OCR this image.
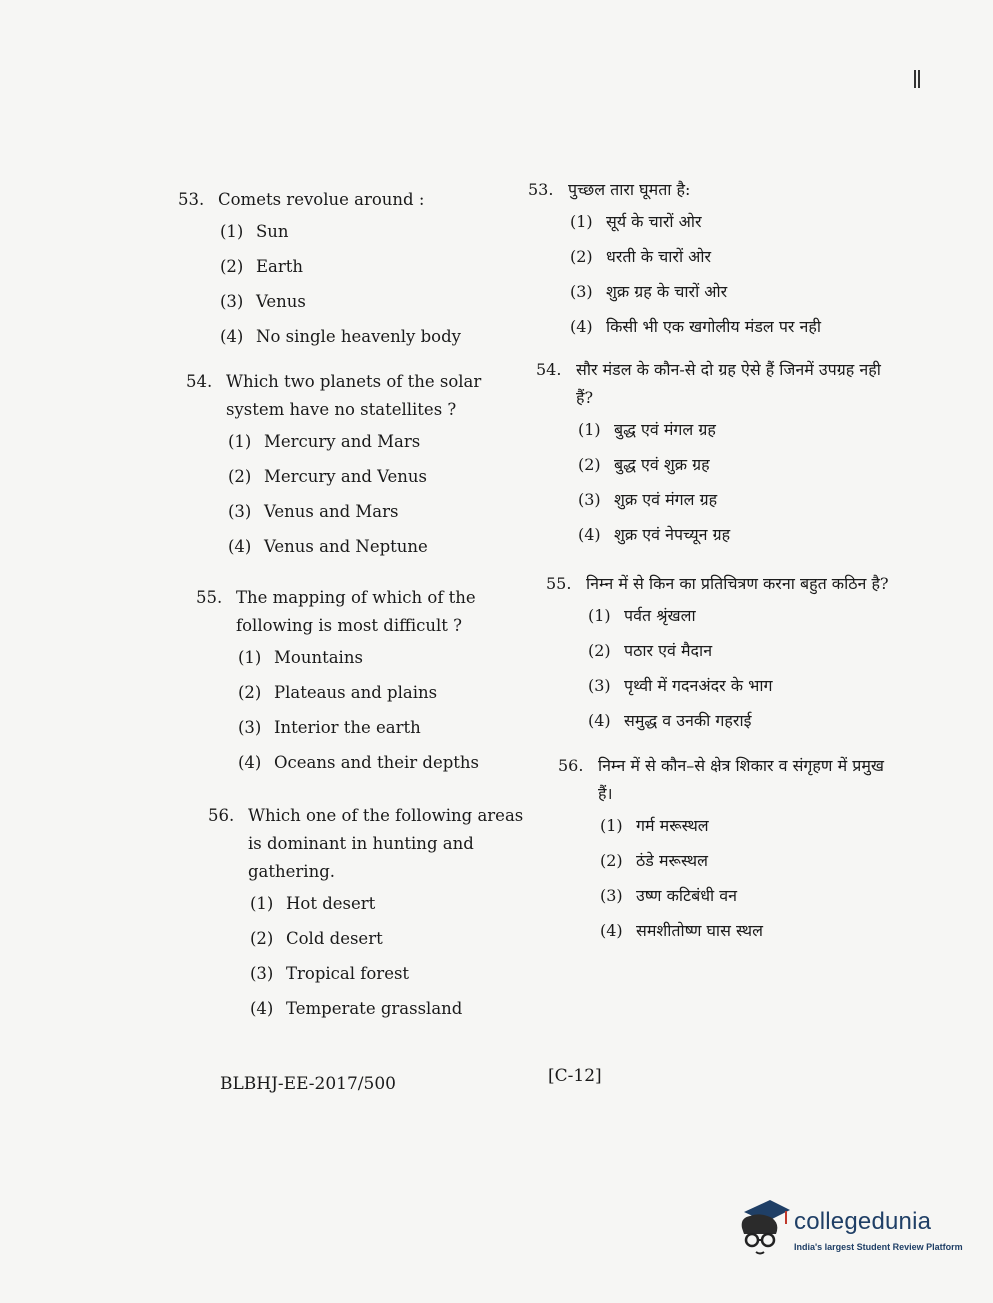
53. Comets revolue around :
(1) Sun
(2) Earth
(3) Venus
(4) No single heavenly body
54. Which two planets of the solar system have no statellites ?
(1) Mercury and Mars
(2) Mercury and Venus
(3) Venus and Mars
(4) Venus and Neptune
55. The mapping of which of the following is most difficult ?
(1) Mountains
(2) Plateaus and plains
(3) Interior the earth
(4) Oceans and their depths
56. Which one of the following areas is dominant in hunting and gathering.
(1) Hot desert
(2) Cold desert
(3) Tropical forest
(4) Temperate grassland
53. पुच्छल तारा घूमता है:
(1) सूर्य के चारों ओर
(2) धरती के चारों ओर
(3) शुक्र ग्रह के चारों ओर
(4) किसी भी एक खगोलीय मंडल पर नही
54. सौर मंडल के कौन-से दो ग्रह ऐसे हैं जिनमें उपग्रह नही हैं?
(1) बुद्ध एवं मंगल ग्रह
(2) बुद्ध एवं शुक्र ग्रह
(3) शुक्र एवं मंगल ग्रह
(4) शुक्र एवं नेपच्यून ग्रह
55. निम्न में से किन का प्रतिचित्रण करना बहुत कठिन है?
(1) पर्वत श्रृंखला
(2) पठार एवं मैदान
(3) पृथ्वी में गदनअंदर के भाग
(4) समुद्ध व उनकी गहराई
56. निम्न में से कौन–से क्षेत्र शिकार व संगृहण में प्रमुख हैं।
(1) गर्म मरूस्थल
(2) ठंडे मरूस्थल
(3) उष्ण कटिबंधी वन
(4) समशीतोष्ण घास स्थल
BLBHJ-EE-2017/500	[C-12]
collegedunia
India's largest Student Review Platform
